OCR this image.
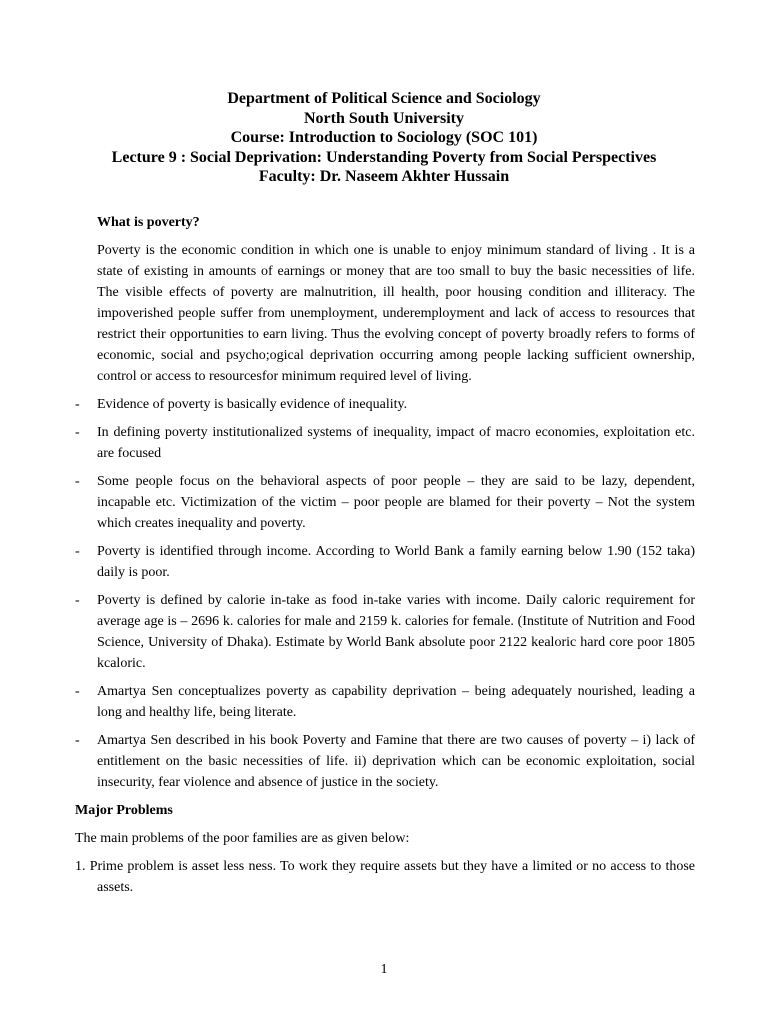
Department of Political Science and Sociology
North South University
Course: Introduction to Sociology (SOC 101)
Lecture 9 : Social Deprivation: Understanding Poverty from Social Perspectives
Faculty: Dr. Naseem Akhter Hussain
What is poverty?
Poverty is the economic condition in which one is unable to enjoy minimum standard of living . It is a state of existing in amounts of earnings or money that are too small to buy the basic necessities of life. The visible effects of poverty are malnutrition, ill health, poor housing condition and illiteracy. The impoverished people suffer from unemployment, underemployment and lack of access to resources that restrict their opportunities to earn living. Thus the evolving concept of poverty broadly refers to forms of economic, social and psycho;ogical deprivation occurring among people lacking sufficient ownership, control or access to resourcesfor minimum required level of living.
- Evidence of poverty is basically evidence of inequality.
- In defining poverty institutionalized systems of inequality, impact of macro economies, exploitation etc. are focused
- Some people focus on the behavioral aspects of poor people – they are said to be lazy, dependent, incapable etc. Victimization of the victim – poor people are blamed for their poverty – Not the system which creates inequality and poverty.
- Poverty is identified through income. According to World Bank a family earning below 1.90 (152 taka) daily is poor.
- Poverty is defined by calorie in-take as food in-take varies with income. Daily caloric requirement for average age is – 2696 k. calories for male and 2159 k. calories for female. (Institute of Nutrition and Food Science, University of Dhaka). Estimate by World Bank absolute poor 2122 kealoric hard core poor 1805 kcaloric.
- Amartya Sen conceptualizes poverty as capability deprivation – being adequately nourished, leading a long and healthy life, being literate.
- Amartya Sen described in his book Poverty and Famine that there are two causes of poverty – i) lack of entitlement on the basic necessities of life. ii) deprivation which can be economic exploitation, social insecurity, fear violence and absence of justice in the society.
Major Problems
The main problems of the poor families are as given below:
1. Prime problem is asset less ness. To work they require assets but they have a limited or no access to those assets.
1
